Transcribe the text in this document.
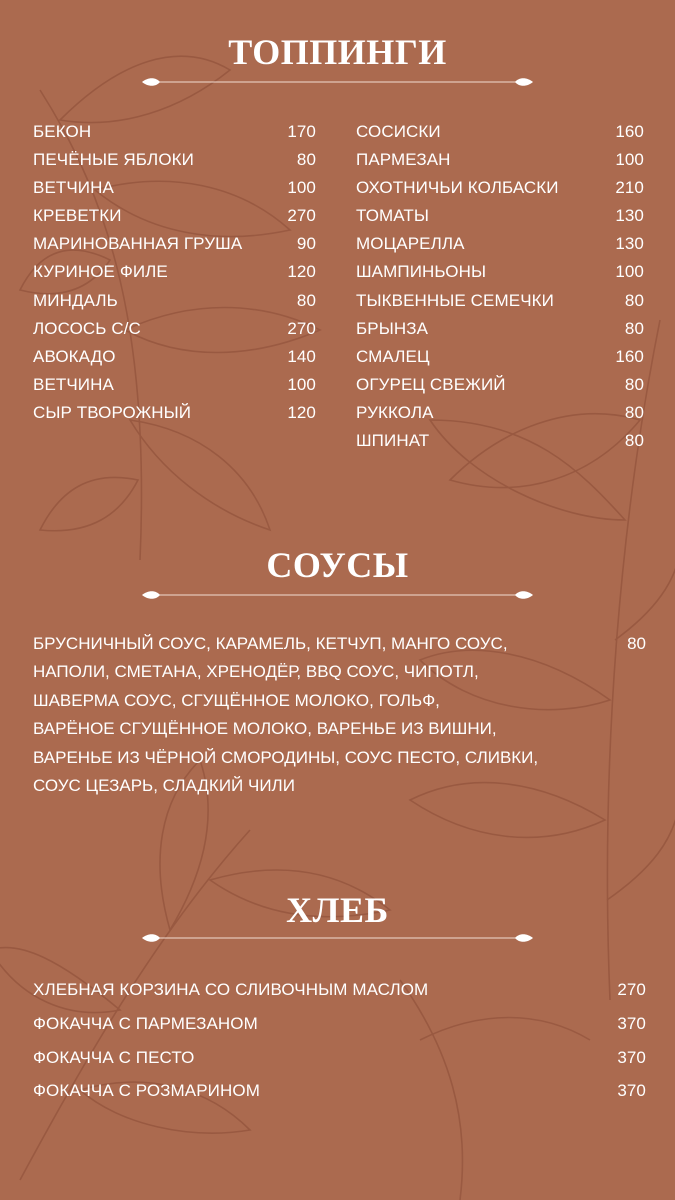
ТОППИНГИ
БЕКОН	170
ПЕЧЁНЫЕ ЯБЛОКИ	80
ВЕТЧИНА	100
КРЕВЕТКИ	270
МАРИНОВАННАЯ ГРУША	90
КУРИНОЕ ФИЛЕ	120
МИНДАЛЬ	80
ЛОСОСЬ С/С	270
АВОКАДО	140
ВЕТЧИНА	100
СЫР ТВОРОЖНЫЙ	120
СОСИСКИ	160
ПАРМЕЗАН	100
ОХОТНИЧЬИ КОЛБАСКИ	210
ТОМАТЫ	130
МОЦАРЕЛЛА	130
ШАМПИНЬОНЫ	100
ТЫКВЕННЫЕ СЕМЕЧКИ	80
БРЫНЗА	80
СМАЛЕЦ	160
ОГУРЕЦ СВЕЖИЙ	80
РУККОЛА	80
ШПИНАТ	80
СОУСЫ
БРУСНИЧНЫЙ СОУС, КАРАМЕЛЬ, КЕТЧУП, МАНГО СОУС,
НАПОЛИ, СМЕТАНА, ХРЕНОДЁР, BBQ СОУС, ЧИПОТЛ,
ШАВЕРМА СОУС, СГУЩЁННОЕ МОЛОКО, ГОЛЬФ,
ВАРЁНОЕ СГУЩЁННОЕ МОЛОКО, ВАРЕНЬЕ ИЗ ВИШНИ,
ВАРЕНЬЕ ИЗ ЧЁРНОЙ СМОРОДИНЫ, СОУС ПЕСТО, СЛИВКИ,
СОУС ЦЕЗАРЬ, СЛАДКИЙ ЧИЛИ
80
ХЛЕБ
ХЛЕБНАЯ КОРЗИНА СО СЛИВОЧНЫМ МАСЛОМ	270
ФОКАЧЧА С ПАРМЕЗАНОМ	370
ФОКАЧЧА С ПЕСТО	370
ФОКАЧЧА С РОЗМАРИНОМ	370
